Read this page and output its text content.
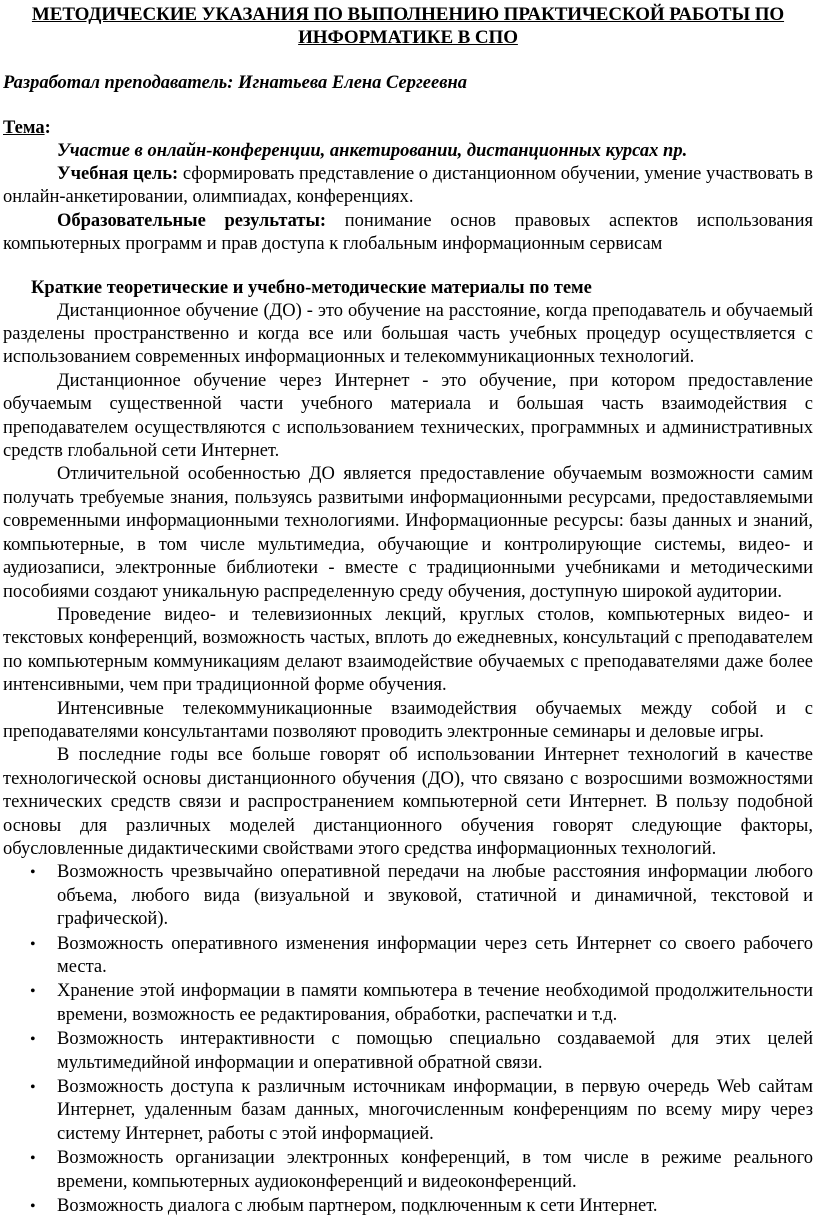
МЕТОДИЧЕСКИЕ УКАЗАНИЯ ПО ВЫПОЛНЕНИЮ ПРАКТИЧЕСКОЙ РАБОТЫ ПО ИНФОРМАТИКЕ В СПО
Разработал преподаватель: Игнатьева Елена Сергеевна
Тема:
Участие в онлайн-конференции, анкетировании, дистанционных курсах пр.

Учебная цель: сформировать представление о дистанционном обучении, умение участвовать в онлайн-анкетировании, олимпиадах, конференциях.

Образовательные результаты: понимание основ правовых аспектов использования компьютерных программ и прав доступа к глобальным информационным сервисам

Краткие теоретические и учебно-методические материалы по теме

Дистанционное обучение (ДО) - это обучение на расстояние, когда преподаватель и обучаемый разделены пространственно и когда все или большая часть учебных процедур осуществляется с использованием современных информационных и телекоммуникационных технологий.

Дистанционное обучение через Интернет - это обучение, при котором предоставление обучаемым существенной части учебного материала и большая часть взаимодействия с преподавателем осуществляются с использованием технических, программных и административных средств глобальной сети Интернет.

Отличительной особенностью ДО является предоставление обучаемым возможности самим получать требуемые знания, пользуясь развитыми информационными ресурсами, предоставляемыми современными информационными технологиями. Информационные ресурсы: базы данных и знаний, компьютерные, в том числе мультимедиа, обучающие и контролирующие системы, видео- и аудиозаписи, электронные библиотеки - вместе с традиционными учебниками и методическими пособиями создают уникальную распределенную среду обучения, доступную широкой аудитории.

Проведение видео- и телевизионных лекций, круглых столов, компьютерных видео- и текстовых конференций, возможность частых, вплоть до ежедневных, консультаций с преподавателем по компьютерным коммуникациям делают взаимодействие обучаемых с преподавателями даже более интенсивными, чем при традиционной форме обучения.

Интенсивные телекоммуникационные взаимодействия обучаемых между собой и с преподавателями консультантами позволяют проводить электронные семинары и деловые игры.

В последние годы все больше говорят об использовании Интернет технологий в качестве технологической основы дистанционного обучения (ДО), что связано с возросшими возможностями технических средств связи и распространением компьютерной сети Интернет. В пользу подобной основы для различных моделей дистанционного обучения говорят следующие факторы, обусловленные дидактическими свойствами этого средства информационных технологий.

• Возможность чрезвычайно оперативной передачи на любые расстояния информации любого объема, любого вида (визуальной и звуковой, статичной и динамичной, текстовой и графической).
• Возможность оперативного изменения информации через сеть Интернет со своего рабочего места.
• Хранение этой информации в памяти компьютера в течение необходимой продолжительности времени, возможность ее редактирования, обработки, распечатки и т.д.
• Возможность интерактивности с помощью специально создаваемой для этих целей мультимедийной информации и оперативной обратной связи.
• Возможность доступа к различным источникам информации, в первую очередь Web сайтам Интернет, удаленным базам данных, многочисленным конференциям по всему миру через систему Интернет, работы с этой информацией.
• Возможность организации электронных конференций, в том числе в режиме реального времени, компьютерных аудиоконференций и видеоконференций.
• Возможность диалога с любым партнером, подключенным к сети Интернет.
